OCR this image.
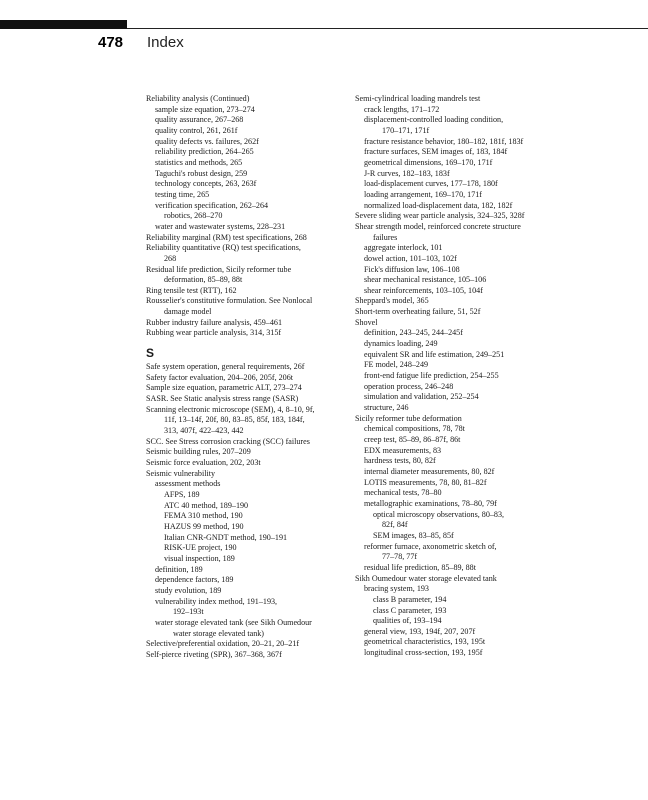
478 Index
Reliability analysis (Continued)
sample size equation, 273–274
quality assurance, 267–268
quality control, 261, 261f
quality defects vs. failures, 262f
reliability prediction, 264–265
statistics and methods, 265
Taguchi's robust design, 259
technology concepts, 263, 263f
testing time, 265
verification specification, 262–264
robotics, 268–270
water and wastewater systems, 228–231
Reliability marginal (RM) test specifications, 268
Reliability quantitative (RQ) test specifications,
268
Residual life prediction, Sicily reformer tube
deformation, 85–89, 88t
Ring tensile test (RTT), 162
Rousselier's constitutive formulation. See Nonlocal
damage model
Rubber industry failure analysis, 459–461
Rubbing wear particle analysis, 314, 315f
S
Safe system operation, general requirements, 26f
Safety factor evaluation, 204–206, 205f, 206t
Sample size equation, parametric ALT, 273–274
SASR. See Static analysis stress range (SASR)
Scanning electronic microscope (SEM), 4, 8–10, 9f,
11f, 13–14f, 20f, 80, 83–85, 85f, 183, 184f,
313, 407f, 422–423, 442
SCC. See Stress corrosion cracking (SCC) failures
Seismic building rules, 207–209
Seismic force evaluation, 202, 203t
Seismic vulnerability
assessment methods
AFPS, 189
ATC 40 method, 189–190
FEMA 310 method, 190
HAZUS 99 method, 190
Italian CNR-GNDT method, 190–191
RISK-UE project, 190
visual inspection, 189
definition, 189
dependence factors, 189
study evolution, 189
vulnerability index method, 191–193,
192–193t
water storage elevated tank (see Sikh Oumedour
water storage elevated tank)
Selective/preferential oxidation, 20–21, 20–21f
Self-pierce riveting (SPR), 367–368, 367f
Semi-cylindrical loading mandrels test
crack lengths, 171–172
displacement-controlled loading condition,
170–171, 171f
fracture resistance behavior, 180–182, 181f, 183f
fracture surfaces, SEM images of, 183, 184f
geometrical dimensions, 169–170, 171f
J-R curves, 182–183, 183f
load-displacement curves, 177–178, 180f
loading arrangement, 169–170, 171f
normalized load-displacement data, 182, 182f
Severe sliding wear particle analysis, 324–325, 328f
Shear strength model, reinforced concrete structure
failures
aggregate interlock, 101
dowel action, 101–103, 102f
Fick's diffusion law, 106–108
shear mechanical resistance, 105–106
shear reinforcements, 103–105, 104f
Sheppard's model, 365
Short-term overheating failure, 51, 52f
Shovel
definition, 243–245, 244–245f
dynamics loading, 249
equivalent SR and life estimation, 249–251
FE model, 248–249
front-end fatigue life prediction, 254–255
operation process, 246–248
simulation and validation, 252–254
structure, 246
Sicily reformer tube deformation
chemical compositions, 78, 78t
creep test, 85–89, 86–87f, 86t
EDX measurements, 83
hardness tests, 80, 82f
internal diameter measurements, 80, 82f
LOTIS measurements, 78, 80, 81–82f
mechanical tests, 78–80
metallographic examinations, 78–80, 79f
optical microscopy observations, 80–83,
82f, 84f
SEM images, 83–85, 85f
reformer furnace, axonometric sketch of,
77–78, 77f
residual life prediction, 85–89, 88t
Sikh Oumedour water storage elevated tank
bracing system, 193
class B parameter, 194
class C parameter, 193
qualities of, 193–194
general view, 193, 194f, 207, 207f
geometrical characteristics, 193, 195t
longitudinal cross-section, 193, 195f
